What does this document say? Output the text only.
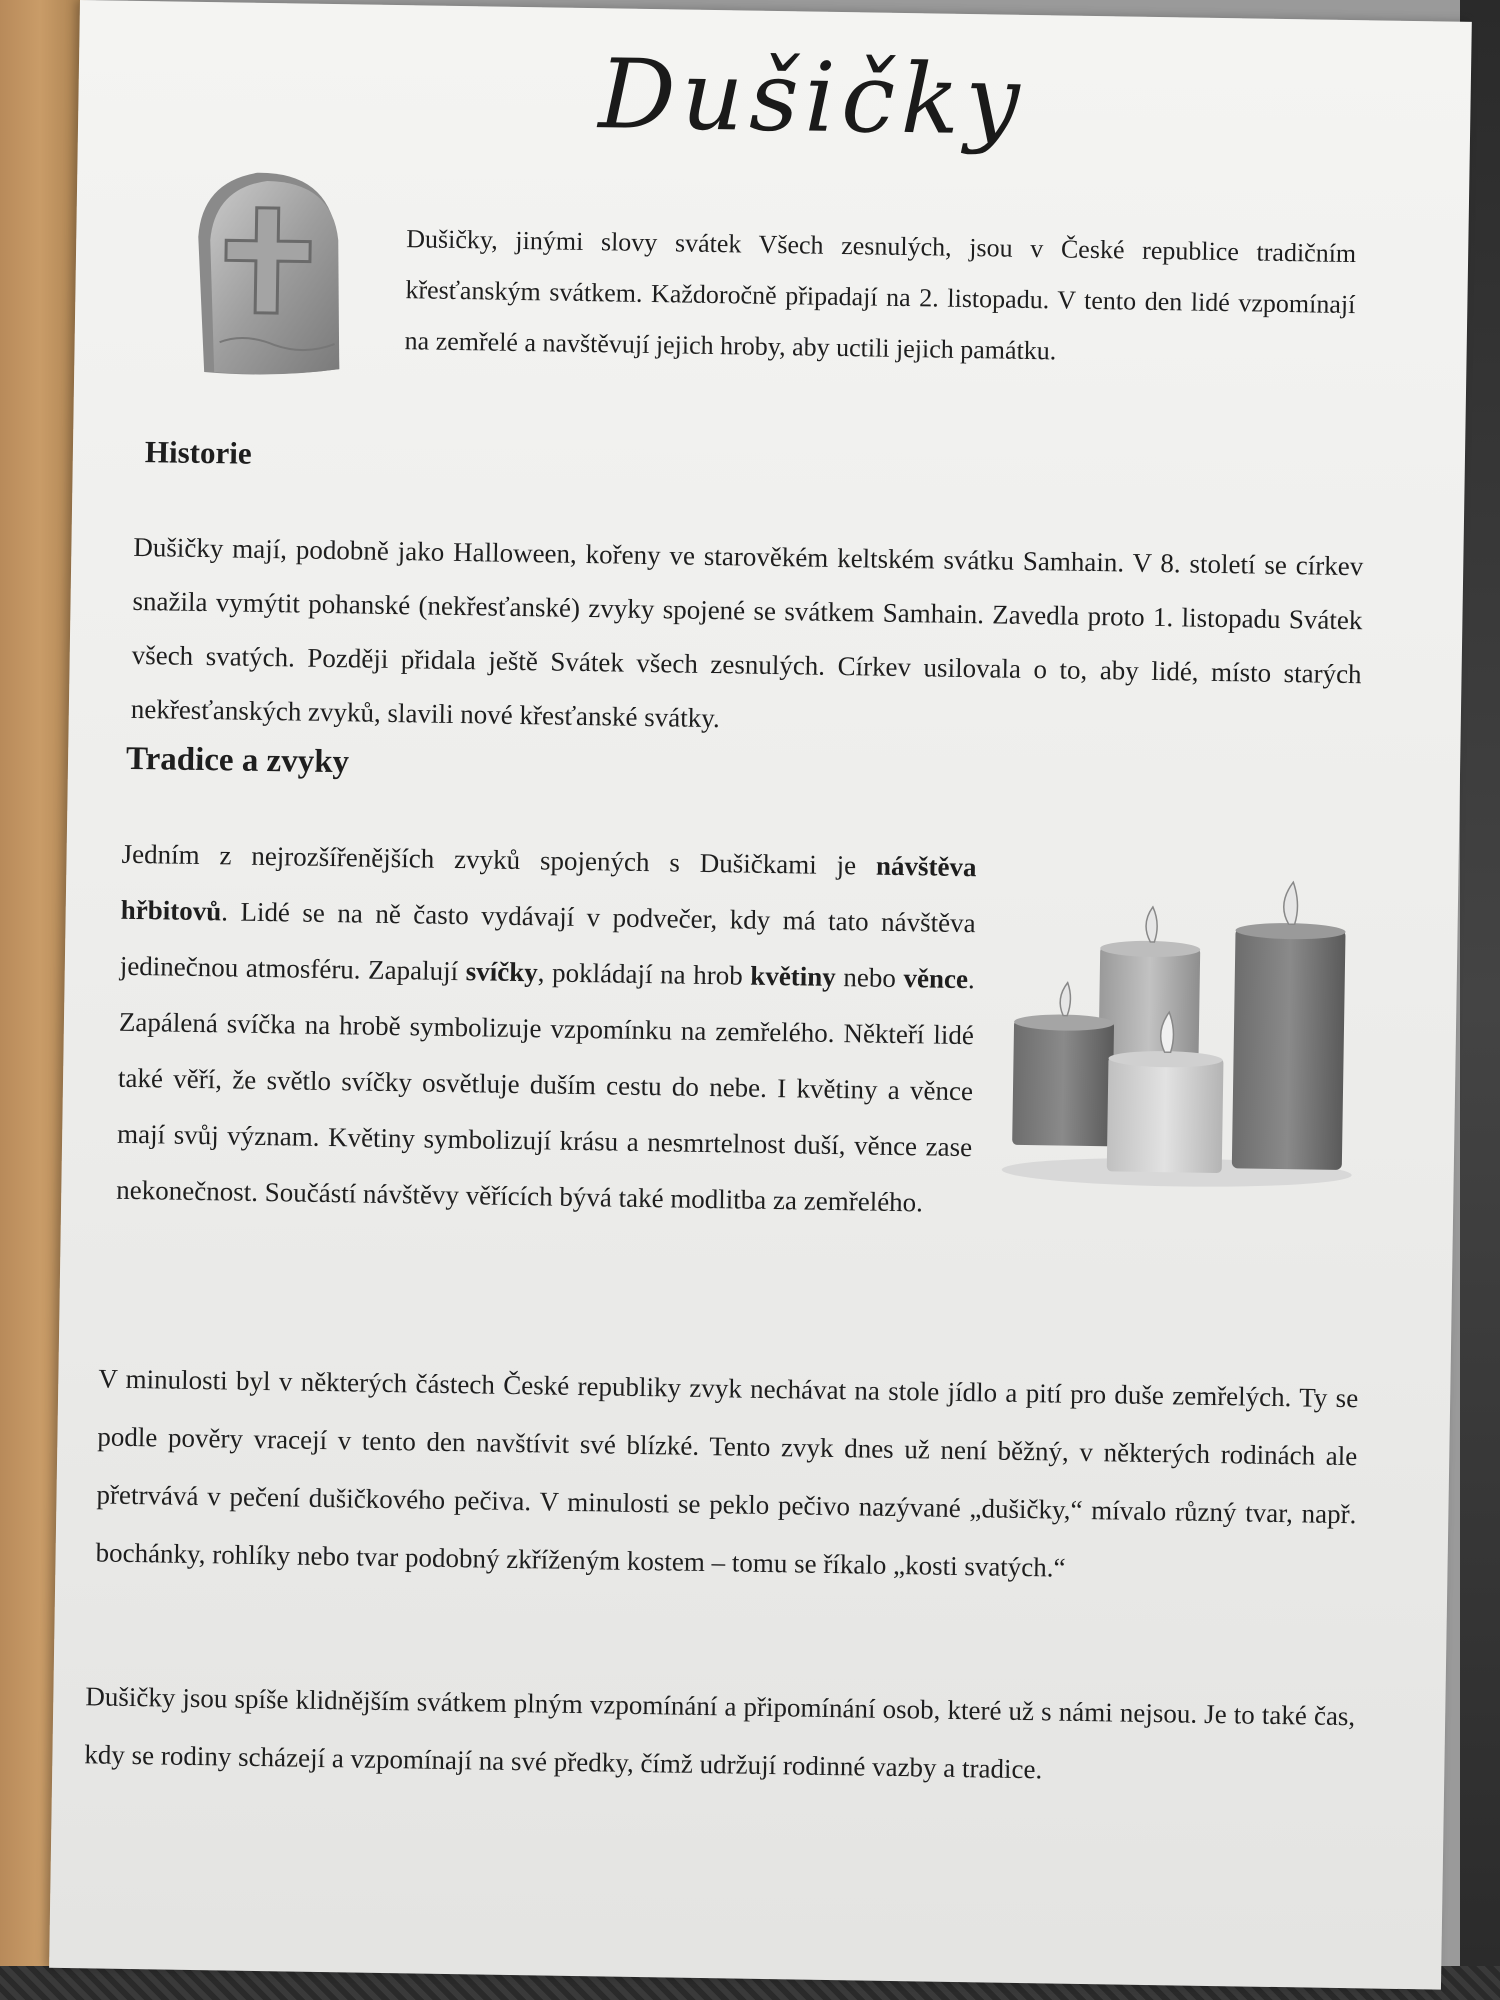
Dušičky

Dušičky, jinými slovy svátek Všech zesnulých, jsou v České republice tradičním křesťanským svátkem. Každoročně připadají na 2. listopadu. V tento den lidé vzpomínají na zemřelé a navštěvují jejich hroby, aby uctili jejich památku.

Historie

Dušičky mají, podobně jako Halloween, kořeny ve starověkém keltském svátku Samhain. V 8. století se církev snažila vymýtit pohanské (nekřesťanské) zvyky spojené se svátkem Samhain. Zavedla proto 1. listopadu Svátek všech svatých. Později přidala ještě Svátek všech zesnulých. Církev usilovala o to, aby lidé, místo starých nekřesťanských zvyků, slavili nové křesťanské svátky.

Tradice a zvyky

Jedním z nejrozšířenějších zvyků spojených s Dušičkami je návštěva hřbitovů. Lidé se na ně často vydávají v podvečer, kdy má tato návštěva jedinečnou atmosféru. Zapalují svíčky, pokládají na hrob květiny nebo věnce. Zapálená svíčka na hrobě symbolizuje vzpomínku na zemřelého. Někteří lidé také věří, že světlo svíčky osvětluje duším cestu do nebe. I květiny a věnce mají svůj význam. Květiny symbolizují krásu a nesmrtelnost duší, věnce zase nekonečnost. Součástí návštěvy věřících bývá také modlitba za zemřelého.

V minulosti byl v některých částech České republiky zvyk nechávat na stole jídlo a pití pro duše zemřelých. Ty se podle pověry vracejí v tento den navštívit své blízké. Tento zvyk dnes už není běžný, v některých rodinách ale přetrvává v pečení dušičkového pečiva. V minulosti se peklo pečivo nazývané „dušičky,“ mívalo různý tvar, např. bochánky, rohlíky nebo tvar podobný zkříženým kostem – tomu se říkalo „kosti svatých.“

Dušičky jsou spíše klidnějším svátkem plným vzpomínání a připomínání osob, které už s námi nejsou. Je to také čas, kdy se rodiny scházejí a vzpomínají na své předky, čímž udržují rodinné vazby a tradice.
